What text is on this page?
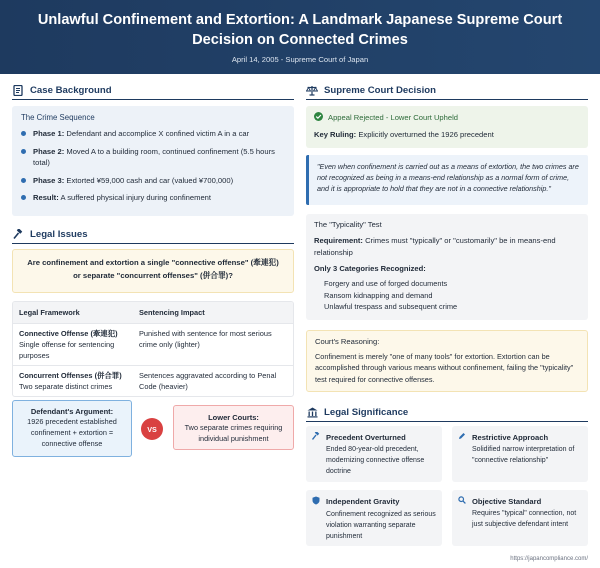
Unlawful Confinement and Extortion: A Landmark Japanese Supreme Court Decision on Connected Crimes
April 14, 2005 - Supreme Court of Japan
Case Background
The Crime Sequence
Phase 1: Defendant and accomplice X confined victim A in a car
Phase 2: Moved A to a building room, continued confinement (5.5 hours total)
Phase 3: Extorted ¥59,000 cash and car (valued ¥700,000)
Result: A suffered physical injury during confinement
Legal Issues
Are confinement and extortion a single "connective offense" (牽連犯) or separate "concurrent offenses" (併合罪)?
Legal Framework	Sentencing Impact
Connective Offense (牽連犯)
Single offense for sentencing purposes	Punished with sentence for most serious crime only (lighter)
Concurrent Offenses (併合罪)
Two separate distinct crimes	Sentences aggravated according to Penal Code (heavier)
Defendant's Argument:
1926 precedent established confinement + extortion = connective offense
VS
Lower Courts:
Two separate crimes requiring individual punishment
Supreme Court Decision
Appeal Rejected - Lower Court Upheld
Key Ruling: Explicitly overturned the 1926 precedent
"Even when confinement is carried out as a means of extortion, the two crimes are not recognized as being in a means-end relationship as a normal form of crime, and it is appropriate to hold that they are not in a connective relationship."
The "Typicality" Test
Requirement: Crimes must "typically" or "customarily" be in means-end relationship
Only 3 Categories Recognized:
Forgery and use of forged documents
Ransom kidnapping and demand
Unlawful trespass and subsequent crime
Court's Reasoning:
Confinement is merely "one of many tools" for extortion. Extortion can be accomplished through various means without confinement, failing the "typicality" test required for connective offenses.
Legal Significance
Precedent Overturned
Ended 80-year-old precedent, modernizing connective offense doctrine
Restrictive Approach
Solidified narrow interpretation of "connective relationship"
Independent Gravity
Confinement recognized as serious violation warranting separate punishment
Objective Standard
Requires "typical" connection, not just subjective defendant intent
https://japancompliance.com/
